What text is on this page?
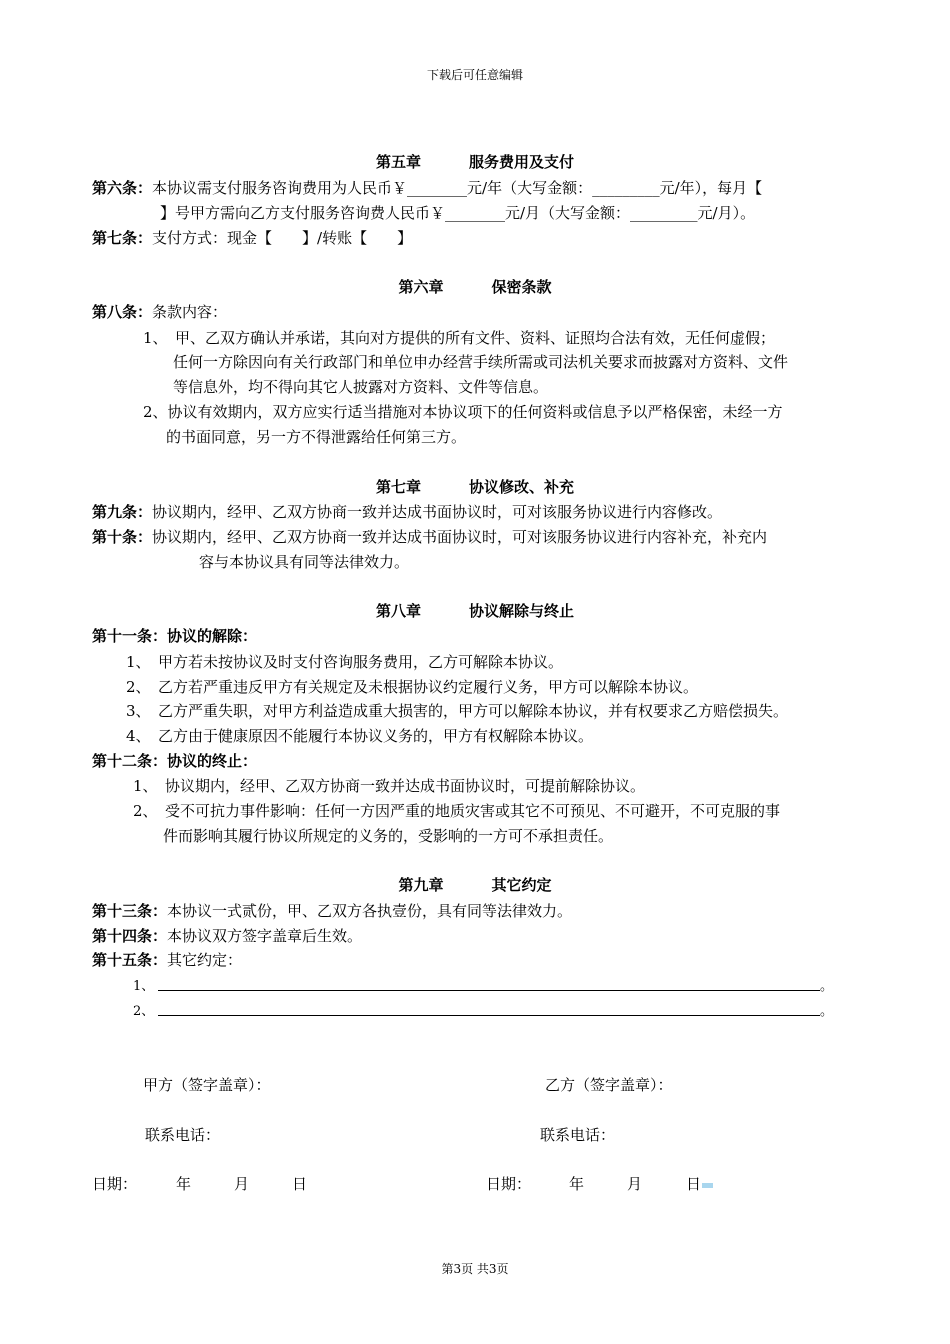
下载后可任意编辑
第五章	服务费用及支付
第六条：本协议需支付服务咨询费用为人民币￥________元/年（大写金额：_________元/年），每月【
】号甲方需向乙方支付服务咨询费人民币￥________元/月（大写金额：_________元/月）。
第七条：支付方式：现金【　　】/转账【　　】
第六章	保密条款
第八条：条款内容：
1、　甲、乙双方确认并承诺，其向对方提供的所有文件、资料、证照均合法有效，无任何虚假；
任何一方除因向有关行政部门和单位申办经营手续所需或司法机关要求而披露对方资料、文件
等信息外，均不得向其它人披露对方资料、文件等信息。
2、协议有效期内，双方应实行适当措施对本协议项下的任何资料或信息予以严格保密，未经一方
的书面同意，另一方不得泄露给任何第三方。
第七章	协议修改、补充
第九条：协议期内，经甲、乙双方协商一致并达成书面协议时，可对该服务协议进行内容修改。
第十条：协议期内，经甲、乙双方协商一致并达成书面协议时，可对该服务协议进行内容补充，补充内
容与本协议具有同等法律效力。
第八章	协议解除与终止
第十一条：协议的解除：
1、　甲方若未按协议及时支付咨询服务费用，乙方可解除本协议。
2、　乙方若严重违反甲方有关规定及未根据协议约定履行义务，甲方可以解除本协议。
3、　乙方严重失职，对甲方利益造成重大损害的，甲方可以解除本协议，并有权要求乙方赔偿损失。
4、　乙方由于健康原因不能履行本协议义务的，甲方有权解除本协议。
第十二条：协议的终止：
1、　协议期内，经甲、乙双方协商一致并达成书面协议时，可提前解除协议。
2、　受不可抗力事件影响：任何一方因严重的地质灾害或其它不可预见、不可避开，不可克服的事
件而影响其履行协议所规定的义务的，受影响的一方可不承担责任。
第九章	其它约定
第十三条：本协议一式贰份，甲、乙双方各执壹份，具有同等法律效力。
第十四条：本协议双方签字盖章后生效。
第十五条：其它约定：
1、	。
2、	。
甲方（签字盖章）：	乙方（签字盖章）：
联系电话：	联系电话：
日期：	年	月	日	日期：	年	月	日
第3页 共3页
